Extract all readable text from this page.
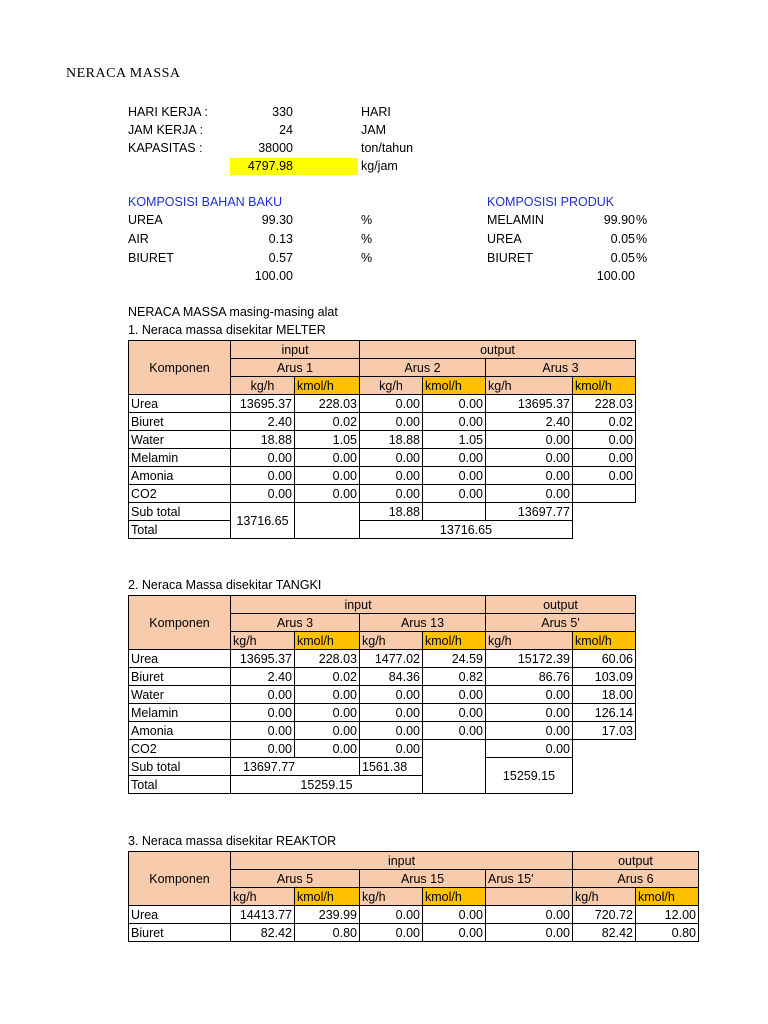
NERACA MASSA
HARI KERJA :	330	HARI
JAM KERJA :	24	JAM
KAPASITAS :	38000	ton/tahun
4797.98	kg/jam
KOMPOSISI BAHAN BAKU
UREA	99.30	%
AIR	0.13	%
BIURET	0.57	%
100.00
KOMPOSISI PRODUK
MELAMIN	99.90 %
UREA	0.05 %
BIURET	0.05 %
100.00
NERACA MASSA masing-masing alat
1. Neraca massa disekitar MELTER
Komponen	input		output			
	Arus 1		Arus 2		Arus 3	
	kg/h	kmol/h	kg/h	kmol/h	kg/h	kmol/h
Urea	13695.37	228.03	0.00	0.00	13695.37	228.03
Biuret	2.40	0.02	0.00	0.00	2.40	0.02
Water	18.88	1.05	18.88	1.05	0.00	0.00
Melamin	0.00	0.00	0.00	0.00	0.00	0.00
Amonia	0.00	0.00	0.00	0.00	0.00	0.00
CO2	0.00	0.00	0.00	0.00	0.00	
Sub total	13716.65		18.88		13697.77	
Total			13716.65			
2. Neraca Massa disekitar TANGKI
Komponen	input				output	
	Arus 3		Arus 13		Arus 5'	
	kg/h	kmol/h	kg/h	kmol/h	kg/h	kmol/h
Urea	13695.37	228.03	1477.02	24.59	15172.39	60.06
Biuret	2.40	0.02	84.36	0.82	86.76	103.09
Water	0.00	0.00	0.00	0.00	0.00	18.00
Melamin	0.00	0.00	0.00	0.00	0.00	126.14
Amonia	0.00	0.00	0.00	0.00	0.00	17.03
CO2	0.00	0.00	0.00		0.00	
Sub total	13697.77		1561.38		15259.15	
Total	15259.15					
3. Neraca massa disekitar REAKTOR
Komponen	input					output	
	Arus 5		Arus 15		Arus 15'	Arus 6	
	kg/h	kmol/h	kg/h	kmol/h		kg/h	kmol/h
Urea	14413.77	239.99	0.00	0.00	0.00	720.72	12.00
Biuret	82.42	0.80	0.00	0.00	0.00	82.42	0.80
